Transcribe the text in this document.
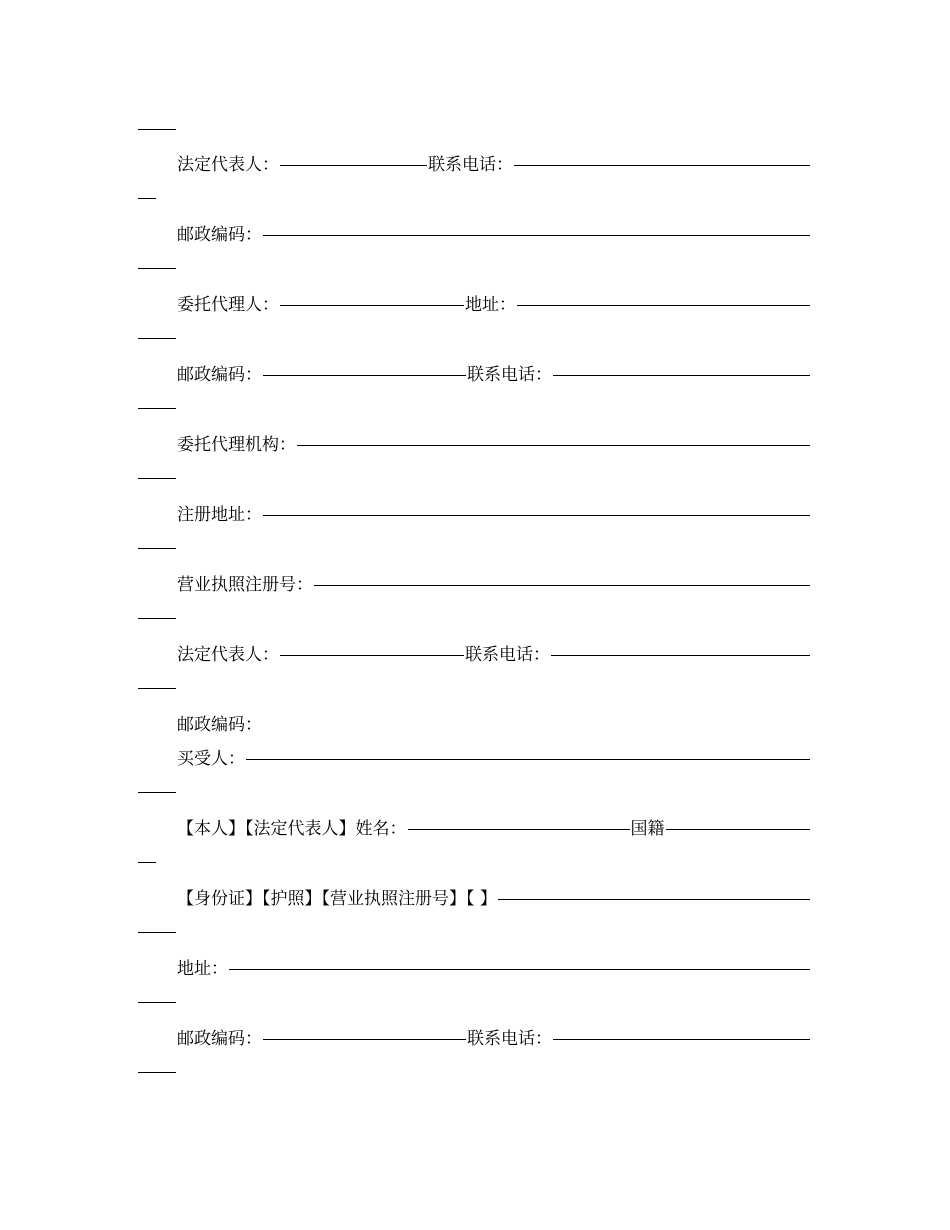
法定代表人：	联系电话：
邮政编码：
委托代理人：	地址：
邮政编码：	联系电话：
委托代理机构：
注册地址：
营业执照注册号：
法定代表人：	联系电话：
邮政编码：
买受人：
【本人】【法定代表人】姓名：	国籍
【身份证】【护照】【营业执照注册号】【 】
地址：
邮政编码：	联系电话：
